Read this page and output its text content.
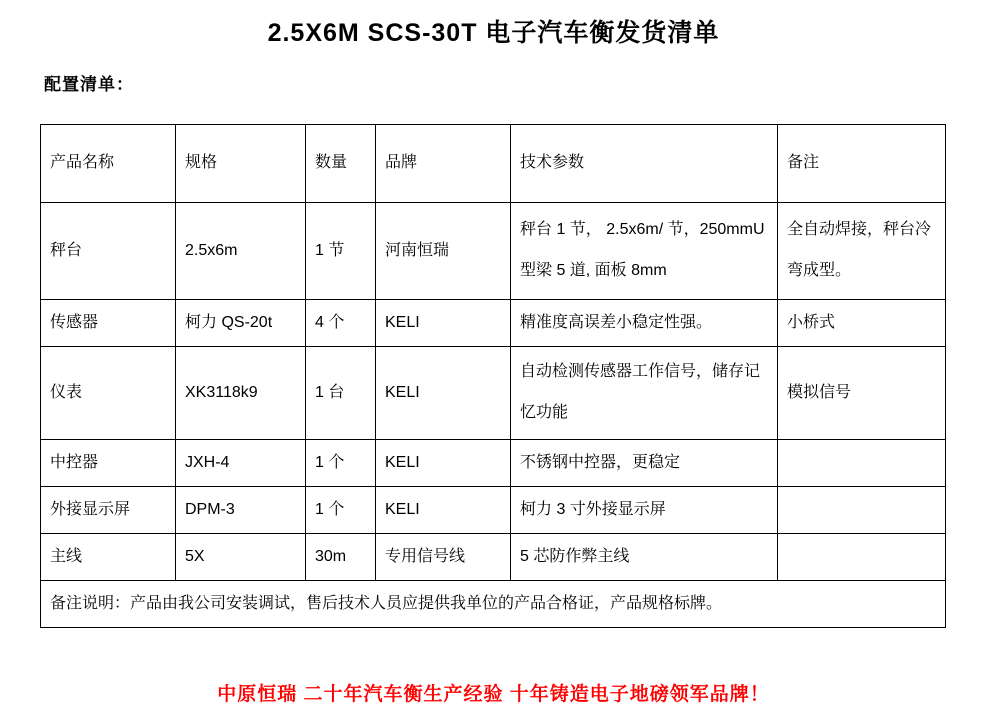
2.5X6M SCS-30T 电子汽车衡发货清单
配置清单：
产品名称	规格	数量	品牌	技术参数	备注
秤台	2.5x6m	1 节	河南恒瑞	秤台 1 节， 2.5x6m/ 节，250mmU 型梁 5 道, 面板 8mm	全自动焊接，秤台冷弯成型。
传感器	柯力 QS-20t	4 个	KELI	精准度高误差小稳定性强。	小桥式
仪表	XK3118k9	1 台	KELI	自动检测传感器工作信号，储存记忆功能	模拟信号
中控器	JXH-4	1 个	KELI	不锈钢中控器，更稳定	
外接显示屏	DPM-3	1 个	KELI	柯力 3 寸外接显示屏	
主线	5X	30m	专用信号线	5 芯防作弊主线	
备注说明：产品由我公司安装调试，售后技术人员应提供我单位的产品合格证，产品规格标牌。					
中原恒瑞 二十年汽车衡生产经验 十年铸造电子地磅领军品牌！
